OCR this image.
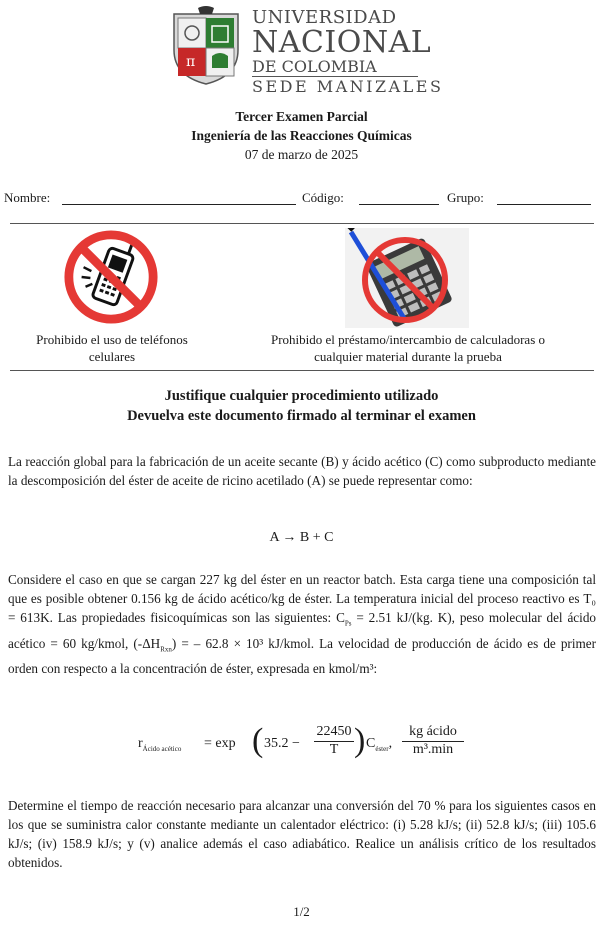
π
UNIVERSIDAD
NACIONAL
DE COLOMBIA
SEDE MANIZALES
Tercer Examen Parcial
Ingeniería de las Reacciones Químicas
07 de marzo de 2025
Nombre:	Código:	Grupo:
Prohibido el uso de teléfonos
celulares
Prohibido el préstamo/intercambio de calculadoras o
cualquier material durante la prueba
Justifique cualquier procedimiento utilizado
Devuelva este documento firmado al terminar el examen
La reacción global para la fabricación de un aceite secante (B) y ácido acético (C) como subproducto mediante la descomposición del éster de aceite de ricino acetilado (A) se puede representar como:
A → B + C

Considere el caso en que se cargan 227 kg del éster en un reactor batch. Esta carga tiene una composición tal que es posible obtener 0.156 kg de ácido acético/kg de éster. La temperatura inicial del proceso reactivo es T₀ = 613K. Las propiedades fisicoquímicas son las siguientes: $C_{Ps} = 2.51$ kJ/(kg. K), peso molecular del ácido acético = 60 kg/kmol, $(-\Delta H_{Rxn})$ = – 62.8 × 10³ kJ/kmol. La velocidad de producción de ácido es de primer orden con respecto a la concentración de éster, expresada en kmol/m³:

$r_{Ácido acético} = \exp$ ( 35.2 −
22450
T ) $C_{éster}$,
kg ácido
m³.min
Determine el tiempo de reacción necesario para alcanzar una conversión del 70 % para los siguientes casos en los que se suministra calor constante mediante un calentador eléctrico: (i) 5.28 kJ/s; (ii) 52.8 kJ/s; (iii) 105.6 kJ/s; (iv) 158.9 kJ/s; y (v) analice además el caso adiabático. Realice un análisis crítico de los resultados obtenidos.
1/2
